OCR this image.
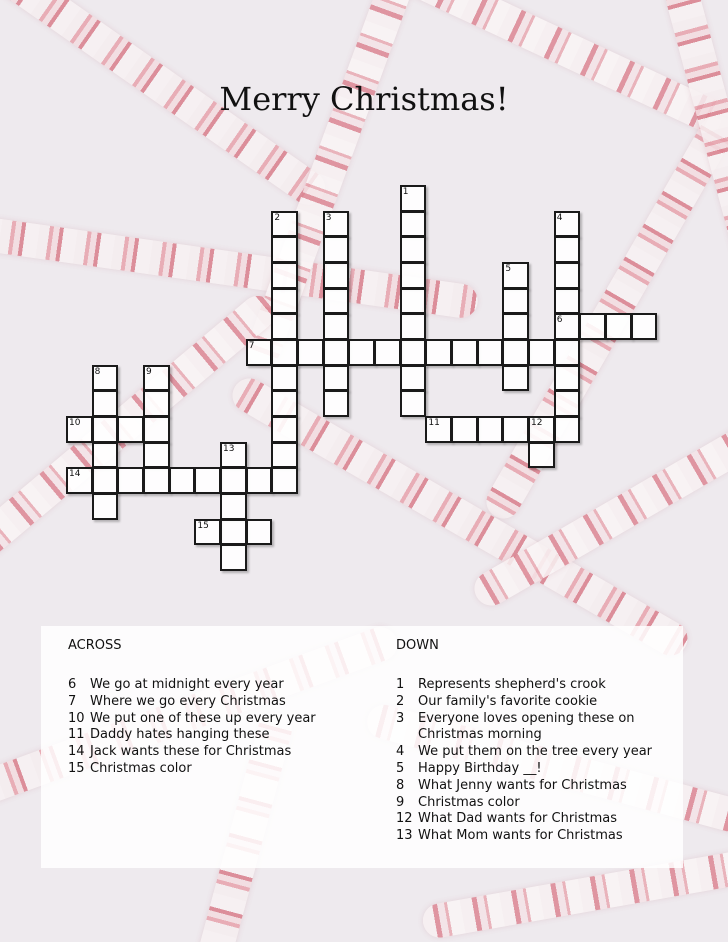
Merry Christmas!
1
2	3	4
5
6
7
8	9
10	11	12
13
14
15
ACROSS
6	We go at midnight every year
7	Where we go every Christmas
10 We put one of these up every year
11 Daddy hates hanging these
14 Jack wants these for Christmas
15 Christmas color
DOWN
1	Represents shepherd's crook
2	Our family's favorite cookie
3	Everyone loves opening these on Christmas morning
4	We put them on the tree every year
5	Happy Birthday __!
8	What Jenny wants for Christmas
9	Christmas color
12 What Dad wants for Christmas
13 What Mom wants for Christmas
